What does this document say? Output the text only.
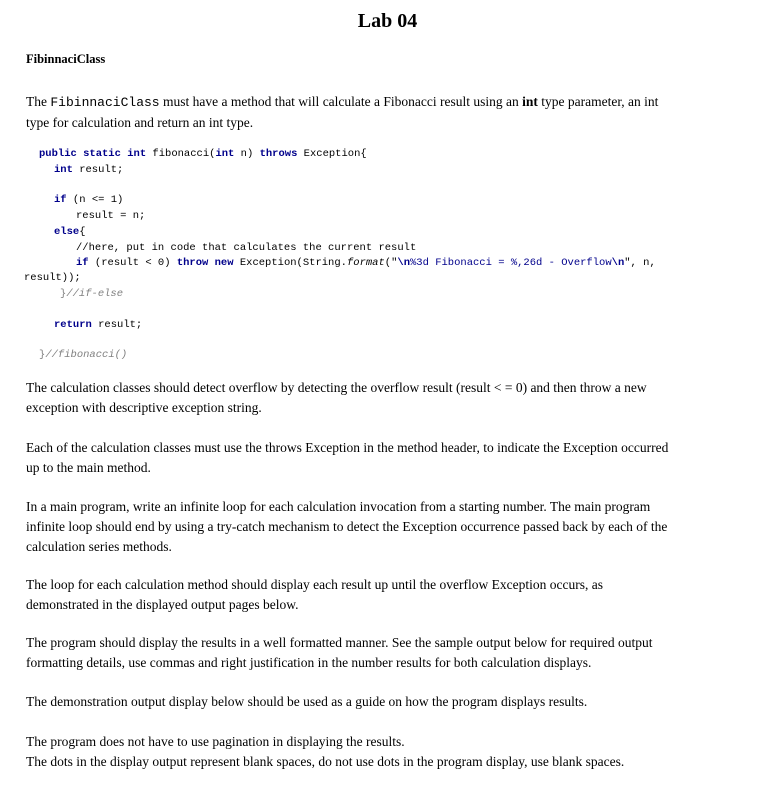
Lab 04
FibinnaciClass
The FibinnaciClass must have a method that will calculate a Fibonacci result using an int type parameter, an int
type for calculation and return an int type.
public static int fibonacci(int n) throws Exception{
int result;
if (n <= 1)
result = n;
else{
//here, put in code that calculates the current result
if (result < 0) throw new Exception(String.format("\n%3d Fibonacci = %,26d - Overflow\n", n,
result));
}//if-else
return result;
}//fibonacci()
The calculation classes should detect overflow by detecting the overflow result (result < = 0) and then throw a new
exception with descriptive exception string.
Each of the calculation classes must use the throws Exception in the method header, to indicate the Exception occurred
up to the main method.
In a main program, write an infinite loop for each calculation invocation from a starting number. The main program
infinite loop should end by using a try-catch mechanism to detect the Exception occurrence passed back by each of the
calculation series methods.
The loop for each calculation method should display each result up until the overflow Exception occurs, as
demonstrated in the displayed output pages below.
The program should display the results in a well formatted manner. See the sample output below for required output
formatting details, use commas and right justification in the number results for both calculation displays.
The demonstration output display below should be used as a guide on how the program displays results.
The program does not have to use pagination in displaying the results.
The dots in the display output represent blank spaces, do not use dots in the program display, use blank spaces.
